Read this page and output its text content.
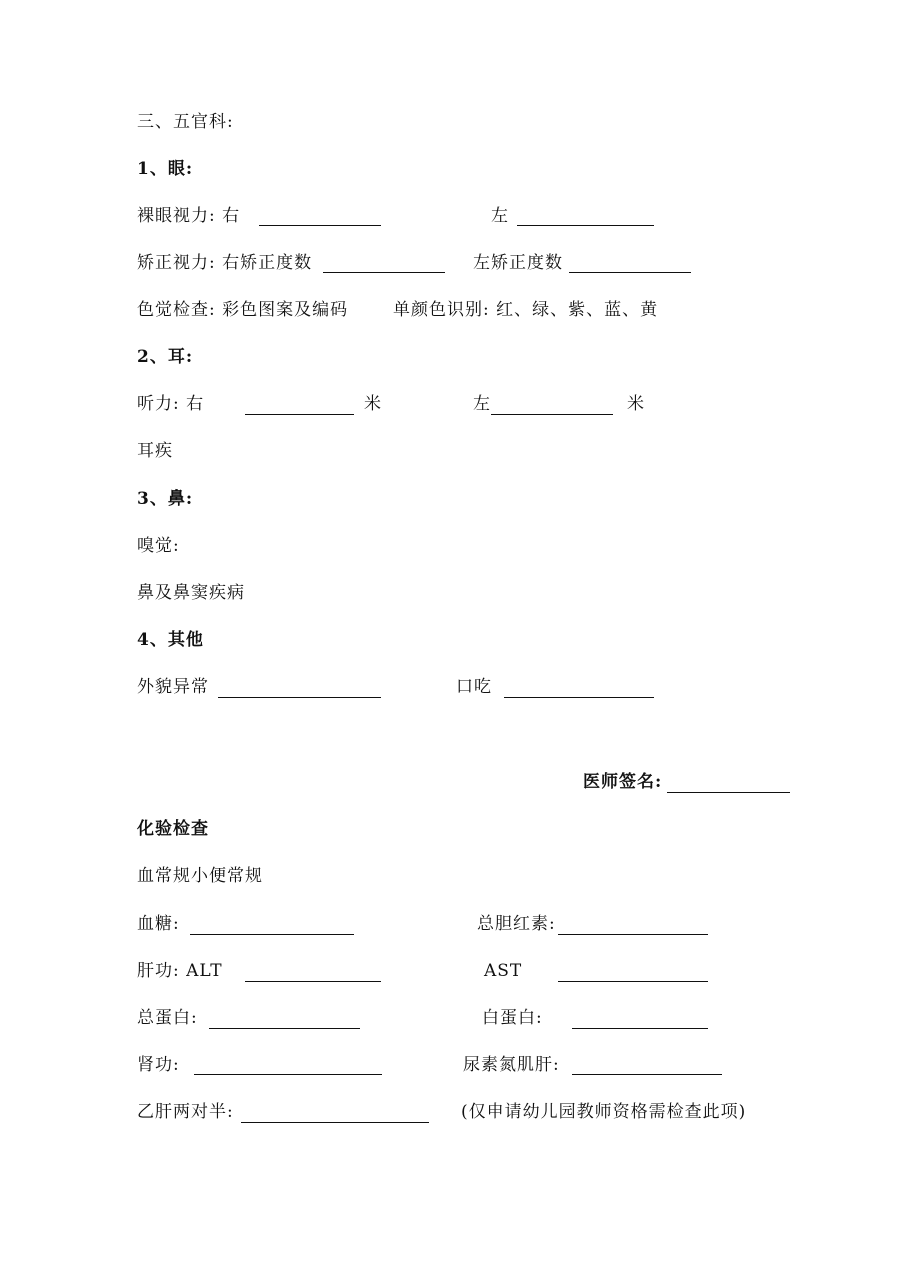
三、五官科:
1、眼:
裸眼视力: 右	左
矫正视力: 右矫正度数	左矫正度数
色觉检查: 彩色图案及编码	单颜色识别: 红、绿、紫、蓝、黄
2、耳:
听力: 右	米	左	米
耳疾
3、鼻:
嗅觉:
鼻及鼻窦疾病
4、其他
外貌异常	口吃
医师签名:
化验检查
血常规小便常规
血糖:	总胆红素:
肝功: ALT	AST
总蛋白:	白蛋白:
肾功:	尿素氮肌肝:
乙肝两对半:	(仅申请幼儿园教师资格需检查此项)
